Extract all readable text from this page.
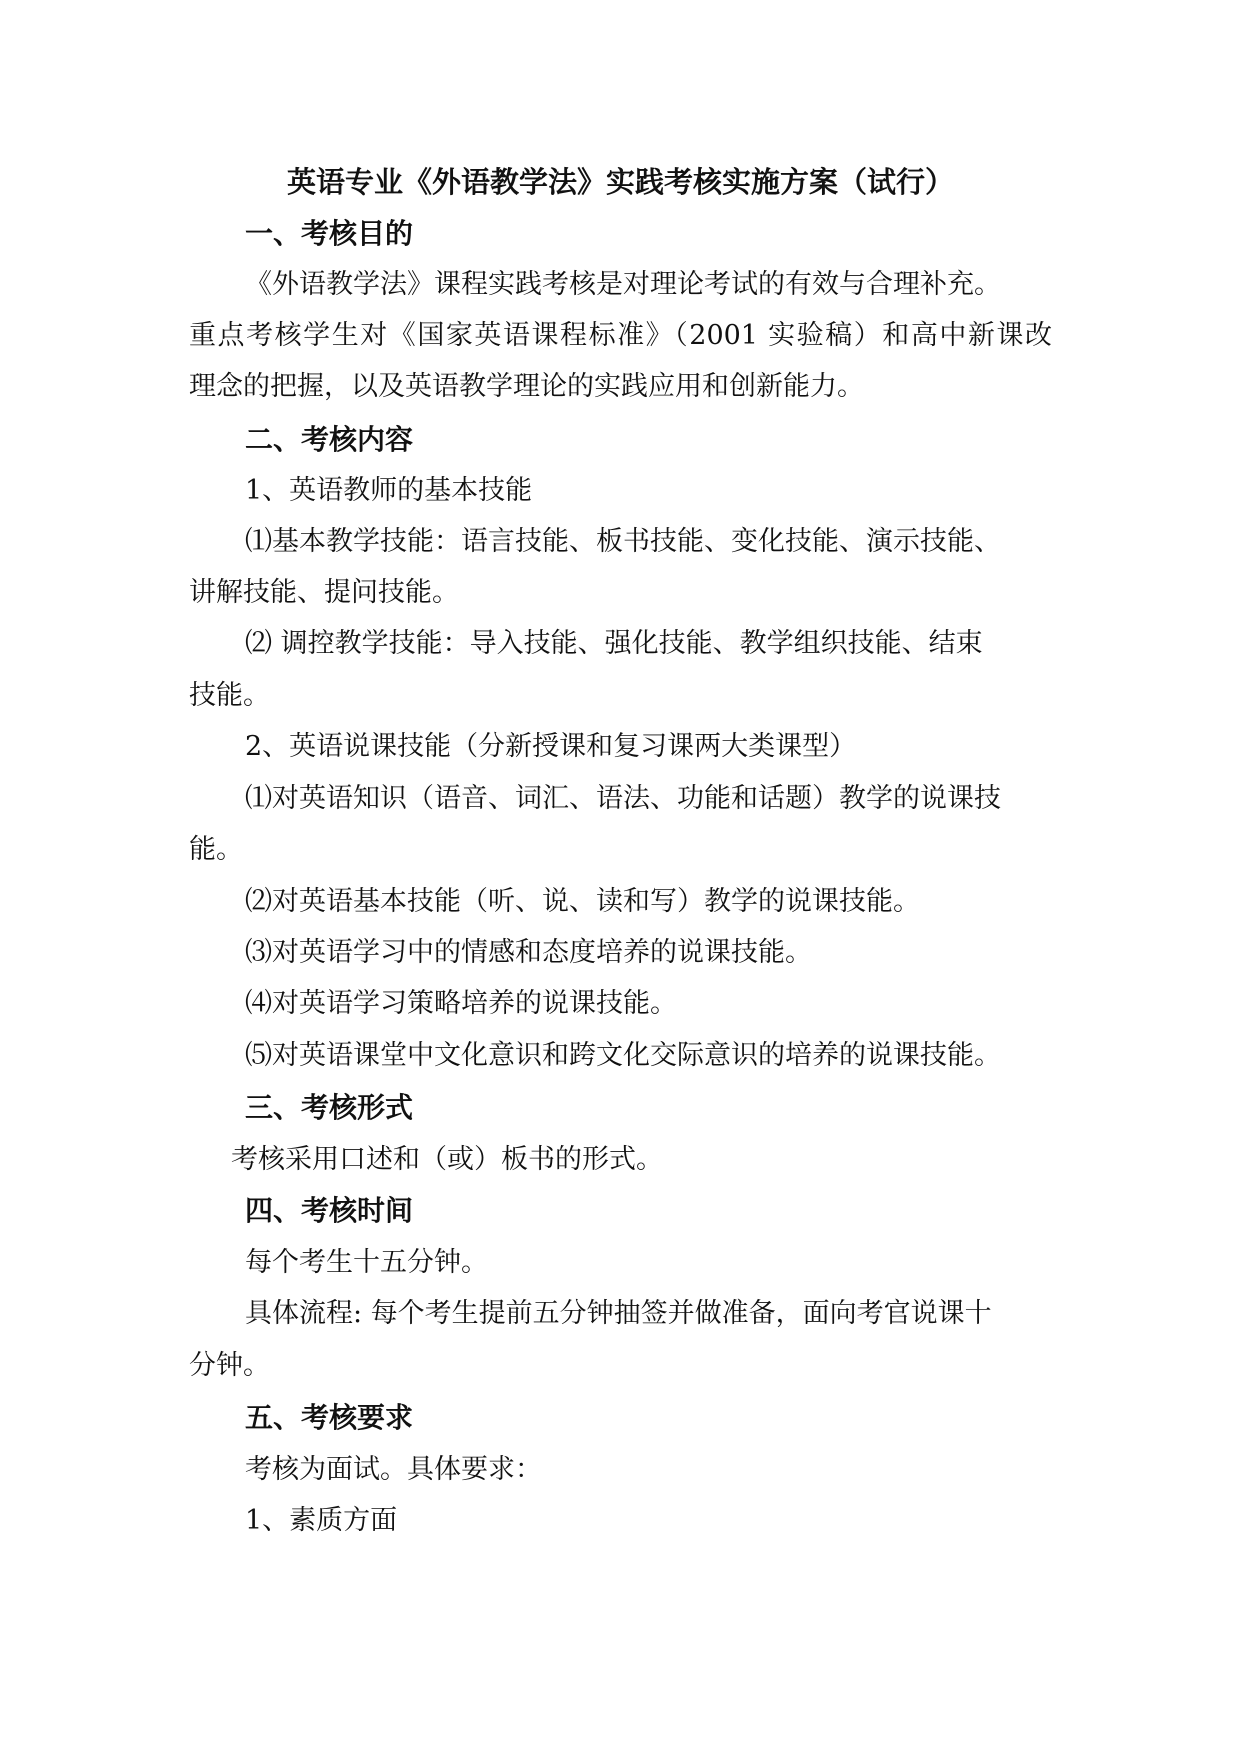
英语专业《外语教学法》实践考核实施方案（试行）
一、考核目的
《外语教学法》课程实践考核是对理论考试的有效与合理补充。
重点考核学生对《国家英语课程标准》（2001 实验稿）和高中新课改
理念的把握，以及英语教学理论的实践应用和创新能力。
二、考核内容
1、英语教师的基本技能
⑴基本教学技能：语言技能、板书技能、变化技能、演示技能、
讲解技能、提问技能。
⑵ 调控教学技能：导入技能、强化技能、教学组织技能、结束
技能。
2、英语说课技能（分新授课和复习课两大类课型）
⑴对英语知识（语音、词汇、语法、功能和话题）教学的说课技
能。
⑵对英语基本技能（听、说、读和写）教学的说课技能。
⑶对英语学习中的情感和态度培养的说课技能。
⑷对英语学习策略培养的说课技能。
⑸对英语课堂中文化意识和跨文化交际意识的培养的说课技能。
三、考核形式
考核采用口述和（或）板书的形式。
四、考核时间
每个考生十五分钟。
具体流程: 每个考生提前五分钟抽签并做准备，面向考官说课十
分钟。
五、考核要求
考核为面试。具体要求：
1、素质方面
